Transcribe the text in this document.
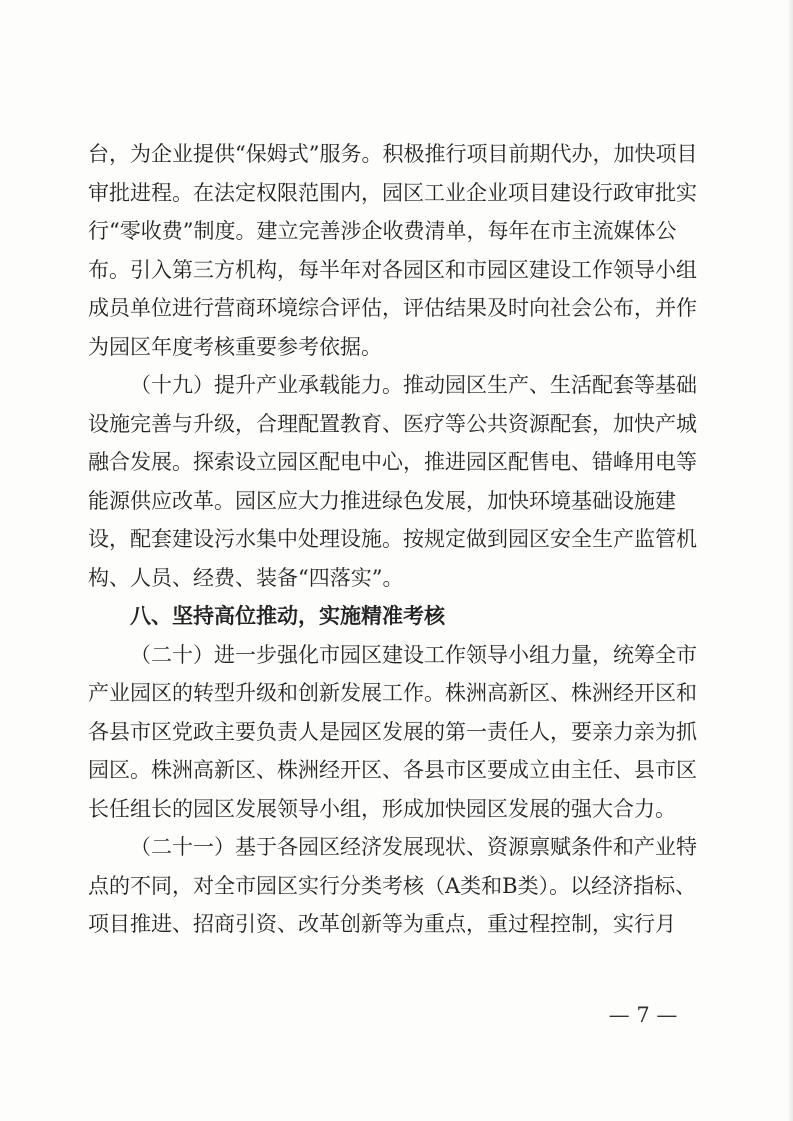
台，为企业提供“保姆式”服务。积极推行项目前期代办，加快项目审批进程。在法定权限范围内，园区工业企业项目建设行政审批实行“零收费”制度。建立完善涉企收费清单，每年在市主流媒体公布。引入第三方机构，每半年对各园区和市园区建设工作领导小组成员单位进行营商环境综合评估，评估结果及时向社会公布，并作为园区年度考核重要参考依据。

（十九）提升产业承载能力。推动园区生产、生活配套等基础设施完善与升级，合理配置教育、医疗等公共资源配套，加快产城融合发展。探索设立园区配电中心，推进园区配售电、错峰用电等能源供应改革。园区应大力推进绿色发展，加快环境基础设施建设，配套建设污水集中处理设施。按规定做到园区安全生产监管机构、人员、经费、装备“四落实”。

八、坚持高位推动，实施精准考核

（二十）进一步强化市园区建设工作领导小组力量，统筹全市产业园区的转型升级和创新发展工作。株洲高新区、株洲经开区和各县市区党政主要负责人是园区发展的第一责任人，要亲力亲为抓园区。株洲高新区、株洲经开区、各县市区要成立由主任、县市区长任组长的园区发展领导小组，形成加快园区发展的强大合力。

（二十一）基于各园区经济发展现状、资源禀赋条件和产业特点的不同，对全市园区实行分类考核（A类和B类）。以经济指标、项目推进、招商引资、改革创新等为重点，重过程控制，实行月

— 7 —
